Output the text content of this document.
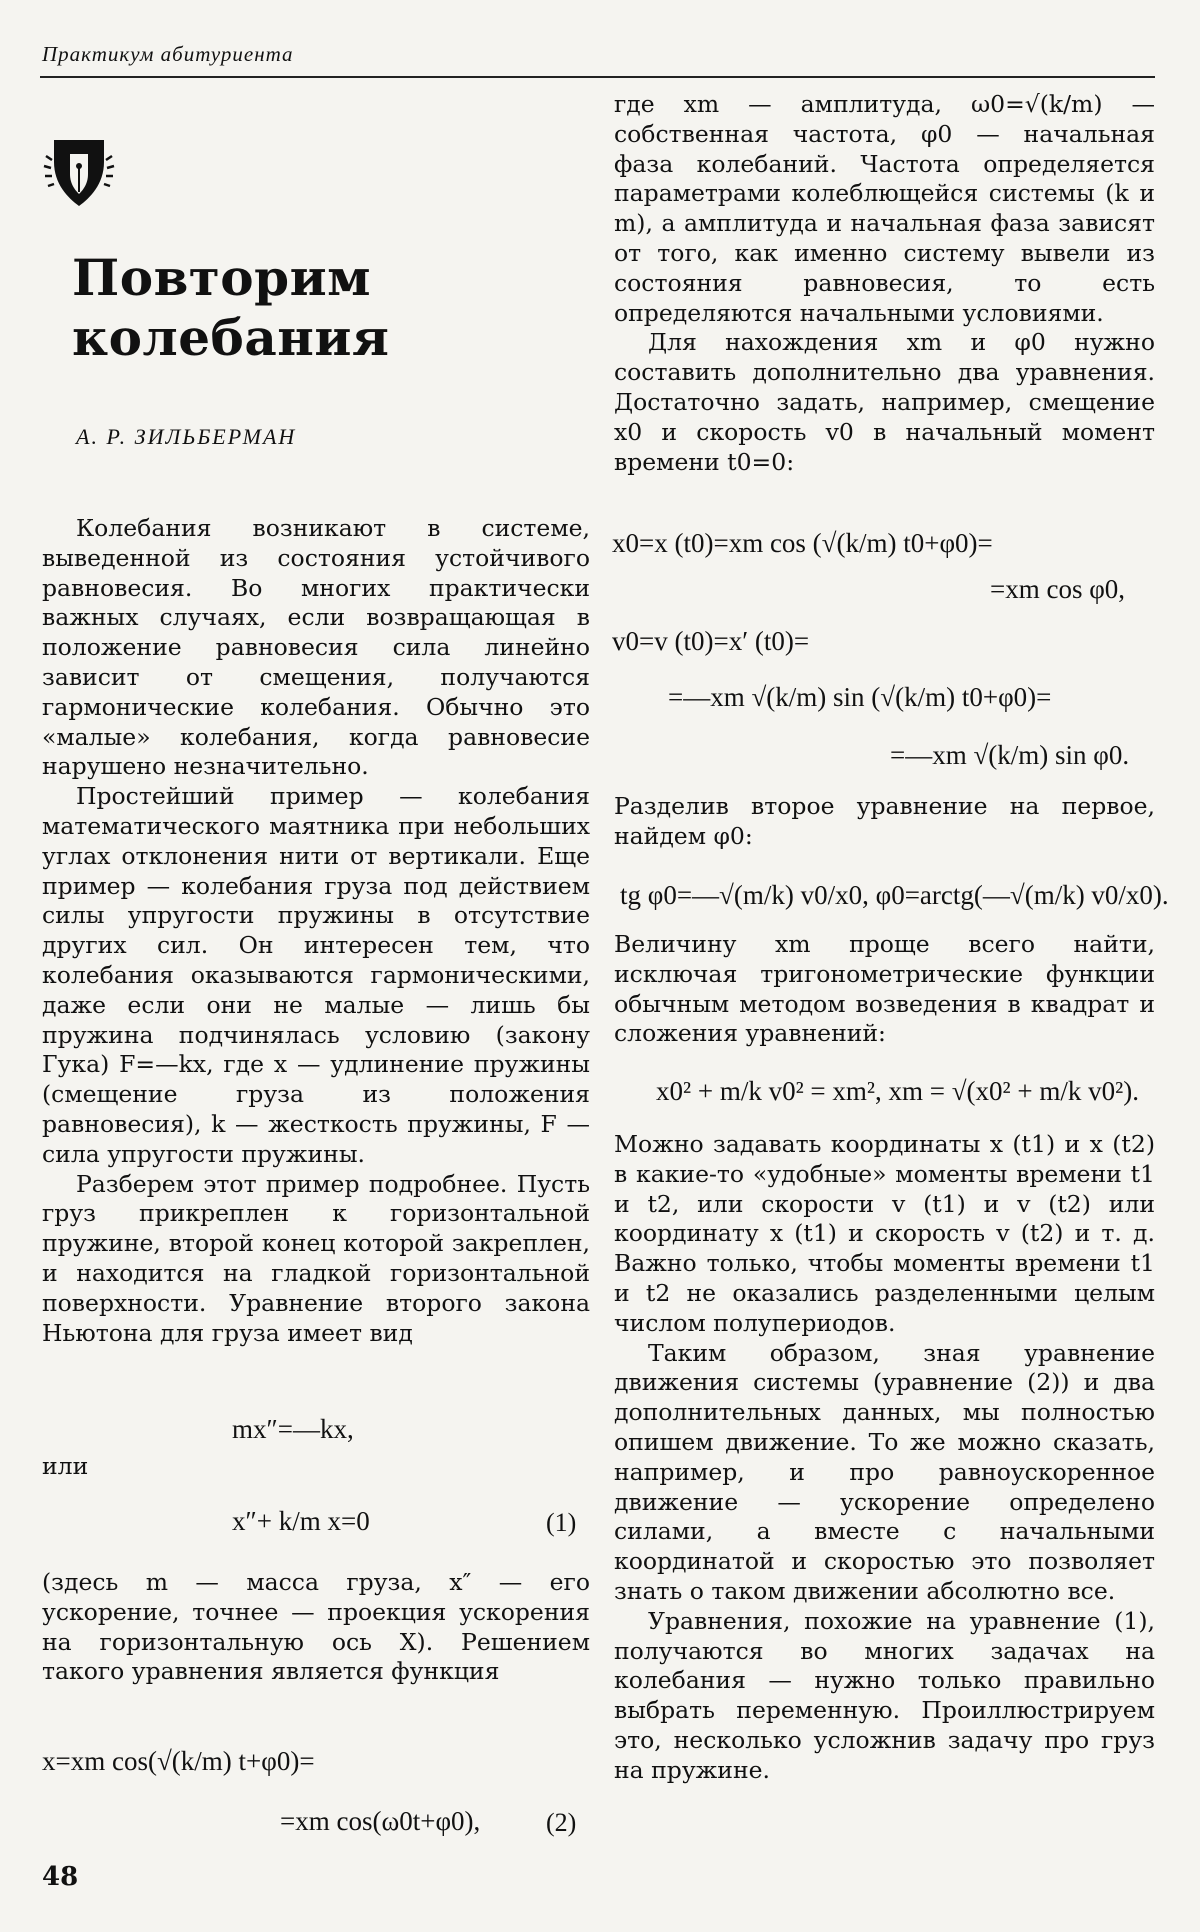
Практикум абитуриента
Повторим
колебания
А. Р. ЗИЛЬБЕРМАН

Колебания возникают в системе, выведенной из состояния устойчивого равновесия. Во многих практически важных случаях, если возвращающая в положение равновесия сила линейно зависит от смещения, получаются гармонические колебания. Обычно это «малые» колебания, когда равновесие нарушено незначительно.

Простейший пример — колебания математического маятника при небольших углах отклонения нити от вертикали. Еще пример — колебания груза под действием силы упругости пружины в отсутствие других сил. Он интересен тем, что колебания оказываются гармоническими, даже если они не малые — лишь бы пружина подчинялась условию (закону Гука) F=—kx, где x — удлинение пружины (смещение груза из положения равновесия), k — жесткость пружины, F — сила упругости пружины.

Разберем этот пример подробнее. Пусть груз прикреплен к горизонтальной пружине, второй конец которой закреплен, и находится на гладкой горизонтальной поверхности. Уравнение второго закона Ньютона для груза имеет вид

mx″=—kx,
или
x″+ k/m x=0	(1)

(здесь m — масса груза, x″ — его ускорение, точнее — проекция ускорения на горизонтальную ось X). Решением такого уравнения является функция

x=xm cos(√(k/m) t+φ0)=
=xm cos(ω0t+φ0),	(2)
48

где xm — амплитуда, ω0=√(k/m) — собственная частота, φ0 — начальная фаза колебаний. Частота определяется параметрами колеблющейся системы (k и m), а амплитуда и начальная фаза зависят от того, как именно систему вывели из состояния равновесия, то есть определяются начальными условиями.

Для нахождения xm и φ0 нужно составить дополнительно два уравнения. Достаточно задать, например, смещение x0 и скорость v0 в начальный момент времени t0=0:

x0=x (t0)=xm cos (√(k/m) t0+φ0)=
=xm cos φ0,
v0=v (t0)=x′ (t0)=
=—xm √(k/m) sin (√(k/m) t0+φ0)=
=—xm √(k/m) sin φ0.

Разделив второе уравнение на первое, найдем φ0:

tg φ0=—√(m/k) v0/x0, φ0=arctg(—√(m/k) v0/x0).

Величину xm проще всего найти, исключая тригонометрические функции обычным методом возведения в квадрат и сложения уравнений:

x0² + m/k v0² = xm², xm = √(x0² + m/k v0²).

Можно задавать координаты x (t1) и x (t2) в какие-то «удобные» моменты времени t1 и t2, или скорости v (t1) и v (t2) или координату x (t1) и скорость v (t2) и т. д. Важно только, чтобы моменты времени t1 и t2 не оказались разделенными целым числом полупериодов.

Таким образом, зная уравнение движения системы (уравнение (2)) и два дополнительных данных, мы полностью опишем движение. То же можно сказать, например, и про равноускоренное движение — ускорение определено силами, а вместе с начальными координатой и скоростью это позволяет знать о таком движении абсолютно все.

Уравнения, похожие на уравнение (1), получаются во многих задачах на колебания — нужно только правильно выбрать переменную. Проиллюстрируем это, несколько усложнив задачу про груз на пружине.
